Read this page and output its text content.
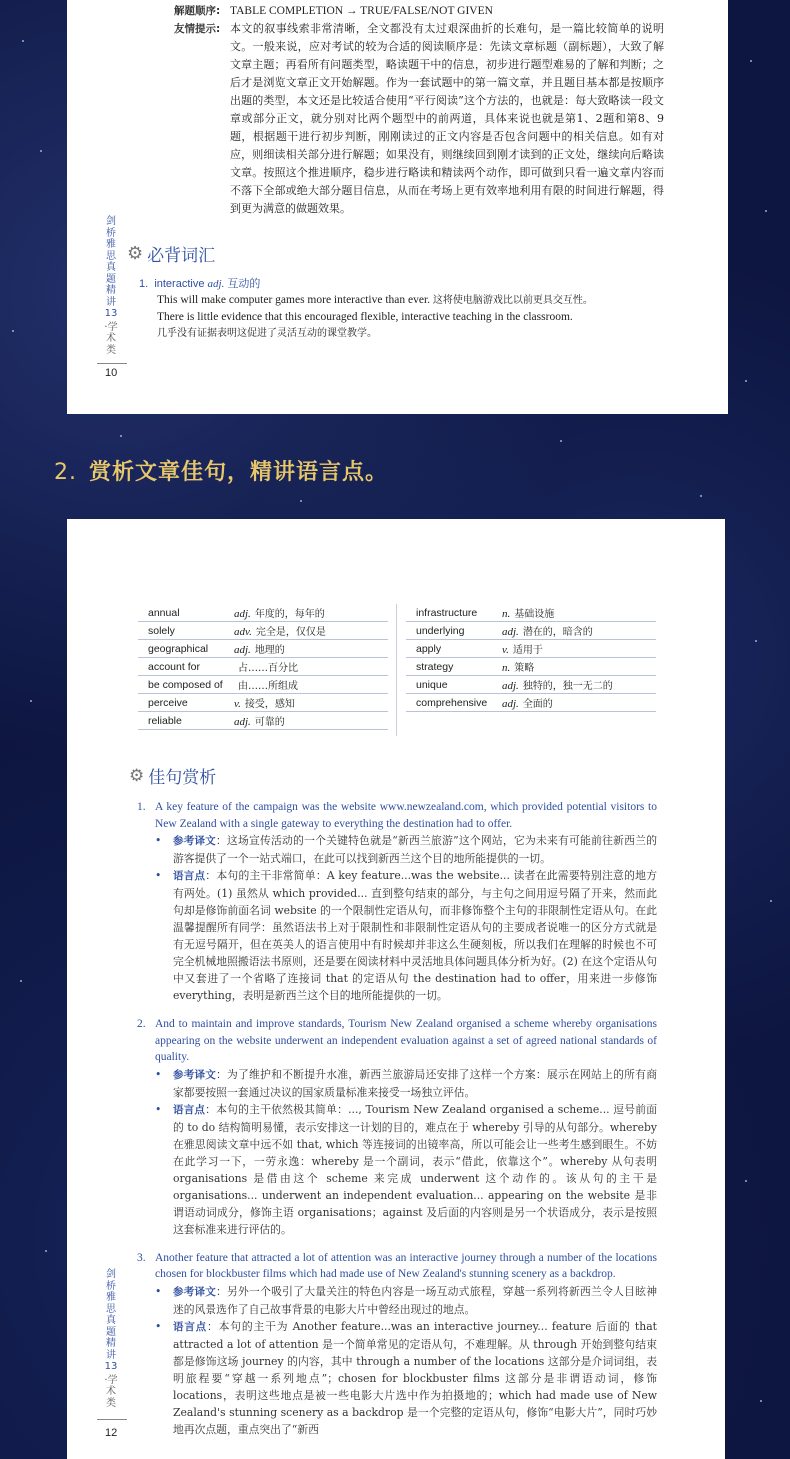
解题顺序: TABLE COMPLETION → TRUE/FALSE/NOT GIVEN
友情提示: 本文的叙事线索非常清晰，全文都没有太过艰深曲折的长难句，是一篇比较简单的说明文。一般来说，应对考试的较为合适的阅读顺序是：先读文章标题（副标题），大致了解文章主题；再看所有问题类型，略读题干中的信息，初步进行题型难易的了解和判断；之后才是浏览文章正文开始解题。作为一套试题中的第一篇文章，并且题目基本都是按顺序出题的类型，本文还是比较适合使用“平行阅读”这个方法的，也就是：每大致略读一段文章或部分正文，就分别对比两个题型中的前两道，具体来说也就是第1、2题和第8、9题，根据题干进行初步判断，刚刚读过的正文内容是否包含问题中的相关信息。如有对应，则细读相关部分进行解题；如果没有，则继续回到刚才读到的正文处，继续向后略读文章。按照这个推进顺序，稳步进行略读和精读两个动作，即可做到只看一遍文章内容而不落下全部或绝大部分题目信息，从而在考场上更有效率地利用有限的时间进行解题，得到更为满意的做题效果。
剑桥雅思真题精讲13
·学术类
⚙ 必背词汇
1. interactive adj. 互动的
This will make computer games more interactive than ever. 这将使电脑游戏比以前更具交互性。
There is little evidence that this encouraged flexible, interactive teaching in the classroom.
几乎没有证据表明这促进了灵活互动的课堂教学。
10
2. 赏析文章佳句，精讲语言点。
annual	adj. 年度的，每年的
solely	adv. 完全是，仅仅是
geographical	adj. 地理的
account for	占……百分比
be composed of	由……所组成
perceive	v. 接受，感知
reliable	adj. 可靠的
infrastructure	n. 基础设施
underlying	adj. 潜在的，暗含的
apply	v. 适用于
strategy	n. 策略
unique	adj. 独特的，独一无二的
comprehensive	adj. 全面的
⚙ 佳句赏析
1. A key feature of the campaign was the website www.newzealand.com, which provided potential visitors to New Zealand with a single gateway to everything the destination had to offer.
•	参考译文：这场宣传活动的一个关键特色就是“新西兰旅游”这个网站，它为未来有可能前往新西兰的游客提供了一个一站式端口，在此可以找到新西兰这个目的地所能提供的一切。
•	语言点：本句的主干非常简单：A key feature...was the website... 读者在此需要特别注意的地方有两处。(1) 虽然从 which provided... 直到整句结束的部分，与主句之间用逗号隔了开来，然而此句却是修饰前面名词 website 的一个限制性定语从句，而非修饰整个主句的非限制性定语从句。在此温馨提醒所有同学：虽然语法书上对于限制性和非限制性定语从句的主要成者说唯一的区分方式就是有无逗号隔开，但在英美人的语言使用中有时候却并非这么生硬刻板，所以我们在理解的时候也不可完全机械地照搬语法书原则，还是要在阅读材料中灵活地具体问题具体分析为好。(2) 在这个定语从句中又套进了一个省略了连接词 that 的定语从句 the destination had to offer，用来进一步修饰 everything，表明是新西兰这个目的地所能提供的一切。
2. And to maintain and improve standards, Tourism New Zealand organised a scheme whereby organisations appearing on the website underwent an independent evaluation against a set of agreed national standards of quality.
•	参考译文：为了维护和不断提升水准，新西兰旅游局还安排了这样一个方案：展示在网站上的所有商家都要按照一套通过决议的国家质量标准来接受一场独立评估。
•	语言点：本句的主干依然极其简单：..., Tourism New Zealand organised a scheme... 逗号前面的 to do 结构简明易懂，表示安排这一计划的目的，难点在于 whereby 引导的从句部分。whereby 在雅思阅读文章中远不如 that, which 等连接词的出镜率高，所以可能会让一些考生感到眼生。不妨在此学习一下，一劳永逸：whereby 是一个副词，表示“借此，依靠这个”。whereby 从句表明 organisations 是借由这个 scheme 来完成 underwent 这个动作的。该从句的主干是 organisations... underwent an independent evaluation... appearing on the website 是非谓语动词成分，修饰主语 organisations；against 及后面的内容则是另一个状语成分，表示是按照这套标准来进行评估的。
3. Another feature that attracted a lot of attention was an interactive journey through a number of the locations chosen for blockbuster films which had made use of New Zealand's stunning scenery as a backdrop.
•	参考译文：另外一个吸引了大量关注的特色内容是一场互动式旅程，穿越一系列将新西兰令人目眩神迷的风景选作了自己故事背景的电影大片中曾经出现过的地点。
•	语言点：本句的主干为 Another feature...was an interactive journey... feature 后面的 that attracted a lot of attention 是一个简单常见的定语从句，不难理解。从 through 开始到整句结束都是修饰这场 journey 的内容，其中 through a number of the locations 这部分是介词词组，表明旅程要“穿越一系列地点”；chosen for blockbuster films 这部分是非谓语动词，修饰 locations，表明这些地点是被一些电影大片选中作为拍摄地的；which had made use of New Zealand's stunning scenery as a backdrop 是一个完整的定语从句，修饰“电影大片”，同时巧妙地再次点题，重点突出了“新西
剑桥雅思真题精讲13
·学术类
12
